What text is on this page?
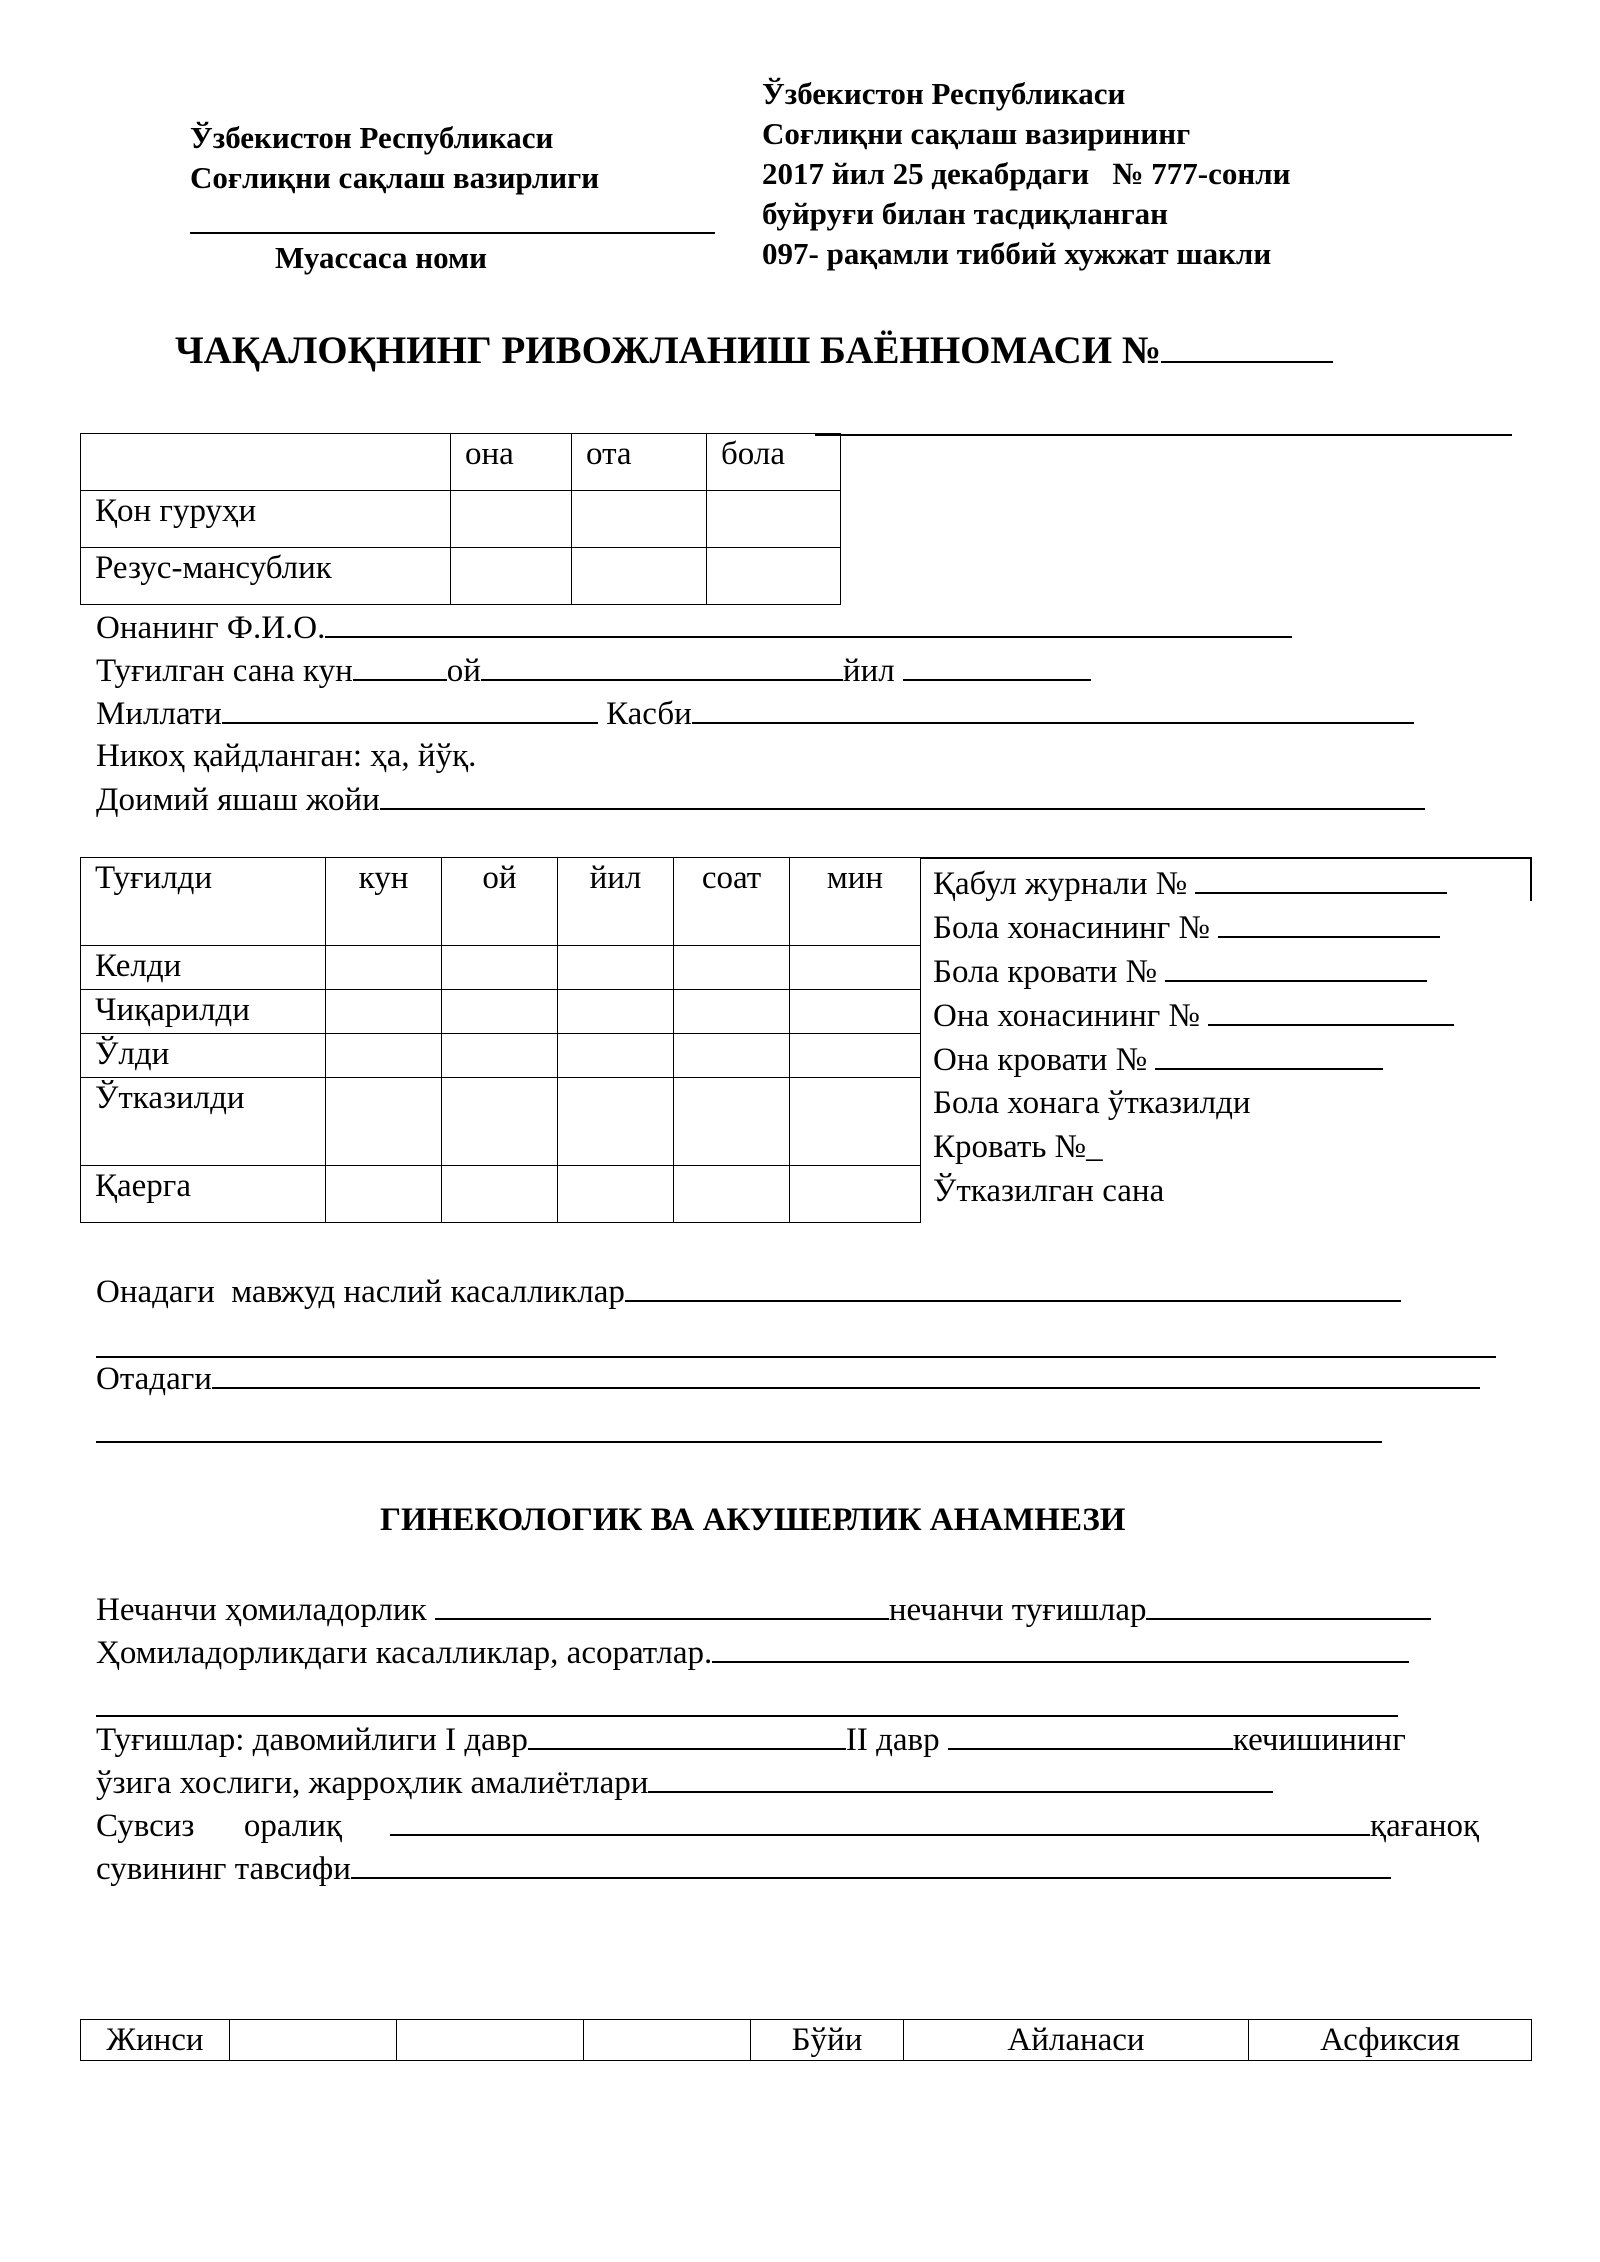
Ўзбекистон Республикаси
Соғлиқни сақлаш вазирлиги
Муассаса номи
Ўзбекистон Республикаси
Соғлиқни сақлаш вазирининг
2017 йил 25 декабрдаги   № 777-сонли
буйруғи билан тасдиқланган
097- рақамли тиббий хужжат шакли
ЧАҚАЛОҚНИНГ РИВОЖЛАНИШ БАЁННОМАСИ №
	она	ота	бола
Қон гуруҳи			
Резус-мансублик			
Онанинг Ф.И.О.
Туғилган сана кун	ой	йил
Миллати	Касби
Никоҳ қайдланган: ҳа, йўқ.
Доимий яшаш жойи
Туғилди	кун	ой	йил	соат	мин
Келди					
Чиқарилди					
Ўлди					
Ўтказилди					
Қаерга					
Қабул журнали №
Бола хонасининг №
Бола кровати №
Она хонасининг №
Она кровати №
Бола хонага ўтказилди
Кровать №_
Ўтказилган сана
Онадаги  мавжуд наслий касалликлар
Отадаги
ГИНЕКОЛОГИК ВА АКУШЕРЛИК АНАМНЕЗИ
Нечанчи ҳомиладорлик	нечанчи туғишлар
Ҳомиладорликдаги касалликлар, асоратлар.
Туғишлар: давомийлиги I давр	II давр	кечишининг
ўзига хослиги, жарроҳлик амалиётлари
Сувсиз      оралиқ	қағаноқ
сувининг тавсифи
Жинси				Бўйи	Айланаси	Асфиксия
